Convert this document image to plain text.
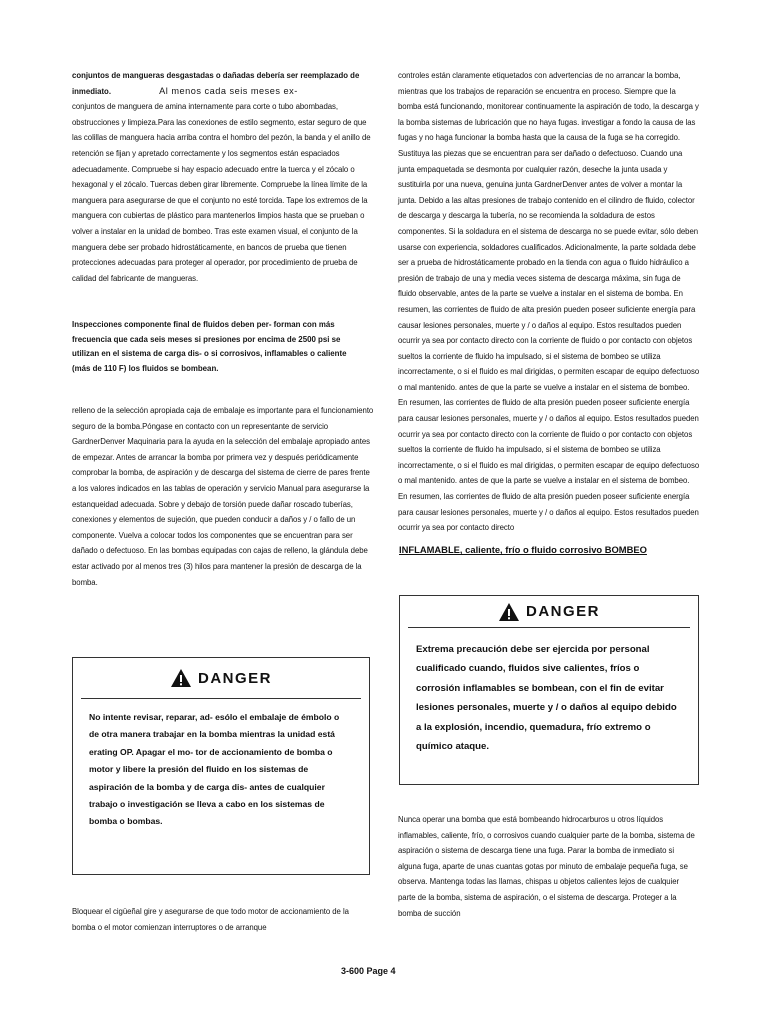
conjuntos de mangueras desgastadas o dañadas debería ser reemplazado de inmediato.	Al menos cada seis meses ex-

conjuntos de manguera de amina internamente para corte o tubo abombadas, obstrucciones y limpieza.Para las conexiones de estilo segmento, estar seguro de que las colillas de manguera hacia arriba contra el hombro del pezón, la banda y el anillo de retención se fijan y apretado correctamente y los segmentos están espaciados adecuadamente. Compruebe si hay espacio adecuado entre la tuerca y el zócalo o hexagonal y el zócalo. Tuercas deben girar libremente. Compruebe la línea límite de la manguera para asegurarse de que el conjunto no esté torcida. Tape los extremos de la manguera con cubiertas de plástico para mantenerlos limpios hasta que se prueban o volver a instalar en la unidad de bombeo. Tras este examen visual, el conjunto de la manguera debe ser probado hidrostáticamente, en bancos de prueba que tienen protecciones adecuadas para proteger al operador, por procedimiento de prueba de calidad del fabricante de mangueras.

Inspecciones componente final de fluidos deben per- forman con más frecuencia que cada seis meses si presiones por encima de 2500 psi se utilizan en el sistema de carga dis- o si corrosivos, inflamables o caliente (más de 110 F) los fluidos se bombean.

relleno de la selección apropiada caja de embalaje es importante para el funcionamiento seguro de la bomba.Póngase en contacto con un representante de servicio GardnerDenver Maquinaria para la ayuda en la selección del embalaje apropiado antes de empezar. Antes de arrancar la bomba por primera vez y después periódicamente comprobar la bomba, de aspiración y de descarga del sistema de cierre de pares frente a los valores indicados en las tablas de operación y servicio Manual para asegurarse la estanqueidad adecuada. Sobre y debajo de torsión puede dañar roscado tuberías, conexiones y elementos de sujeción, que pueden conducir a daños y / o fallo de un componente. Vuelva a colocar todos los componentes que se encuentran para ser dañado o defectuoso. En las bombas equipadas con cajas de relleno, la glándula debe estar activado por al menos tres (3) hilos para mantener la presión de descarga de la bomba.

DANGER

No intente revisar, reparar, ad- esólo el embalaje de émbolo o de otra manera trabajar en la bomba mientras la unidad está erating OP. Apagar el mo- tor de accionamiento de bomba o motor y libere la presión del fluido en los sistemas de aspiración de la bomba y de carga dis- antes de cualquier trabajo o investigación se lleva a cabo en los sistemas de bomba o bombas.

Bloquear el cigüeñal gire y asegurarse de que todo motor de accionamiento de la bomba o el motor comienzan interruptores o de arranque

controles están claramente etiquetados con advertencias de no arrancar la bomba, mientras que los trabajos de reparación se encuentra en proceso. Siempre que la bomba está funcionando, monitorear continuamente la aspiración de todo, la descarga y la bomba sistemas de lubricación que no haya fugas. investigar a fondo la causa de las fugas y no haga funcionar la bomba hasta que la causa de la fuga se ha corregido. Sustituya las piezas que se encuentran para ser dañado o defectuoso. Cuando una junta empaquetada se desmonta por cualquier razón, deseche la junta usada y sustituirla por una nueva, genuina junta GardnerDenver antes de volver a montar la junta. Debido a las altas presiones de trabajo contenido en el cilindro de fluido, colector de descarga y descarga la tubería, no se recomienda la soldadura de estos componentes. Si la soldadura en el sistema de descarga no se puede evitar, sólo deben usarse con experiencia, soldadores cualificados. Adicionalmente, la parte soldada debe ser a prueba de hidrostáticamente probado en la tienda con agua o fluido hidráulico a presión de trabajo de una y media veces sistema de descarga máxima, sin fuga de fluido observable, antes de la parte se vuelve a instalar en el sistema de bomba. En resumen, las corrientes de fluido de alta presión pueden poseer suficiente energía para causar lesiones personales, muerte y / o daños al equipo. Estos resultados pueden ocurrir ya sea por contacto directo con la corriente de fluido o por contacto con objetos sueltos la corriente de fluido ha impulsado, si el sistema de bombeo se utiliza incorrectamente, o si el fluido es mal dirigidas, o permiten escapar de equipo defectuoso o mal mantenido. antes de que la parte se vuelve a instalar en el sistema de bombeo. En resumen, las corrientes de fluido de alta presión pueden poseer suficiente energía para causar lesiones personales, muerte y / o daños al equipo. Estos resultados pueden ocurrir ya sea por contacto directo con la corriente de fluido o por contacto con objetos sueltos la corriente de fluido ha impulsado, si el sistema de bombeo se utiliza incorrectamente, o si el fluido es mal dirigidas, o permiten escapar de equipo defectuoso o mal mantenido. antes de que la parte se vuelve a instalar en el sistema de bombeo. En resumen, las corrientes de fluido de alta presión pueden poseer suficiente energía para causar lesiones personales, muerte y / o daños al equipo. Estos resultados pueden ocurrir ya sea por contacto directo

INFLAMABLE, caliente, frío o fluido corrosivo BOMBEO

DANGER

Extrema precaución debe ser ejercida por personal cualificado cuando, fluidos sive calientes, fríos o corrosión inflamables se bombean, con el fin de evitar lesiones personales, muerte y / o daños al equipo debido a la explosión, incendio, quemadura, frío extremo o químico ataque.

Nunca operar una bomba que está bombeando hidrocarburos u otros líquidos inflamables, caliente, frío, o corrosivos cuando cualquier parte de la bomba, sistema de aspiración o sistema de descarga tiene una fuga. Parar la bomba de inmediato si alguna fuga, aparte de unas cuantas gotas por minuto de embalaje pequeña fuga, se observa. Mantenga todas las llamas, chispas u objetos calientes lejos de cualquier parte de la bomba, sistema de aspiración, o el sistema de descarga. Proteger a la bomba de succión

3-600 Page 4
